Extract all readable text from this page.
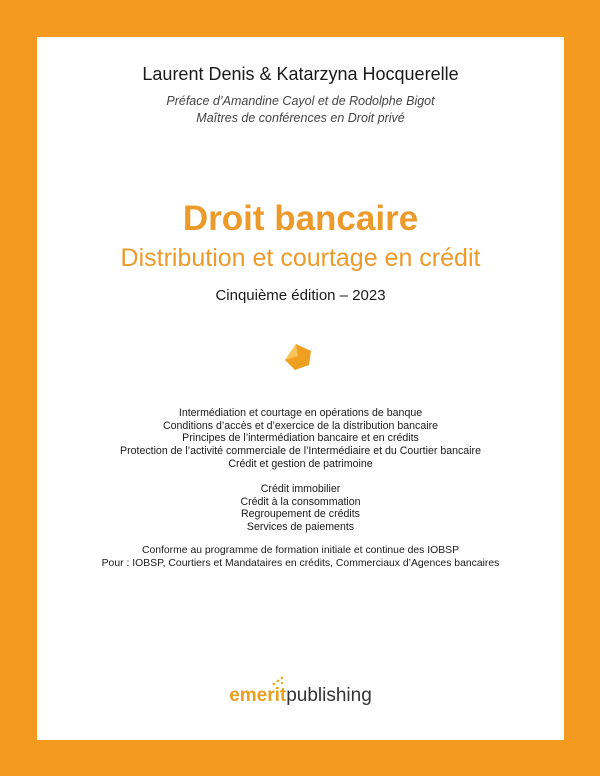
Laurent Denis & Katarzyna Hocquerelle
Préface d’Amandine Cayol et de Rodolphe Bigot
Maîtres de conférences en Droit privé
Droit bancaire
Distribution et courtage en crédit
Cinquième édition – 2023
Intermédiation et courtage en opérations de banque
Conditions d’accès et d’exercice de la distribution bancaire
Principes de l’intermédiation bancaire et en crédits
Protection de l’activité commerciale de l’Intermédiaire et du Courtier bancaire
Crédit et gestion de patrimoine
Crédit immobilier
Crédit à la consommation
Regroupement de crédits
Services de paiements
Conforme au programme de formation initiale et continue des IOBSP
Pour : IOBSP, Courtiers et Mandataires en crédits, Commerciaux d’Agences bancaires
emerit
publishing
